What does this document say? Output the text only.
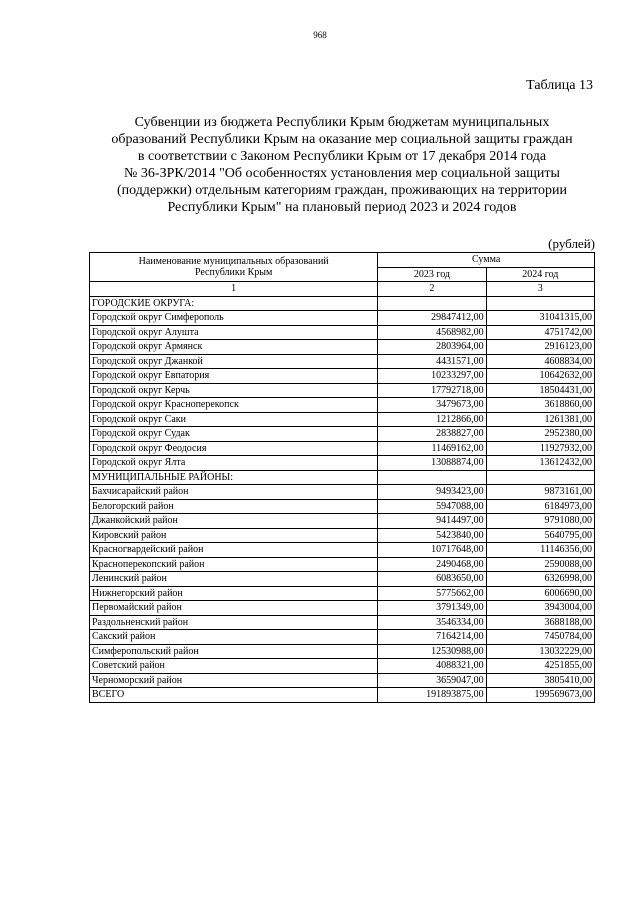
968
Таблица 13
Субвенции из бюджета Республики Крым бюджетам муниципальных
образований Республики Крым на оказание мер социальной защиты граждан
в соответствии с Законом Республики Крым от 17 декабря 2014 года
№ 36-ЗРК/2014 "Об особенностях установления мер социальной защиты
(поддержки) отдельным категориям граждан, проживающих на территории
Республики Крым" на плановый период 2023 и 2024 годов
(рублей)
Наименование муниципальных образований
Республики Крым	Сумма	
	2023 год	2024 год
1	2	3
ГОРОДСКИЕ ОКРУГА:		
Городской округ Симферополь	29847412,00	31041315,00
Городской округ Алушта	4568982,00	4751742,00
Городской округ Армянск	2803964,00	2916123,00
Городской округ Джанкой	4431571,00	4608834,00
Городской округ Евпатория	10233297,00	10642632,00
Городской округ Керчь	17792718,00	18504431,00
Городской округ Красноперекопск	3479673,00	3618860,00
Городской округ Саки	1212866,00	1261381,00
Городской округ Судак	2838827,00	2952380,00
Городской округ Феодосия	11469162,00	11927932,00
Городской округ Ялта	13088874,00	13612432,00
МУНИЦИПАЛЬНЫЕ РАЙОНЫ:		
Бахчисарайский район	9493423,00	9873161,00
Белогорский район	5947088,00	6184973,00
Джанкойский район	9414497,00	9791080,00
Кировский район	5423840,00	5640795,00
Красногвардейский район	10717648,00	11146356,00
Красноперекопский район	2490468,00	2590088,00
Ленинский район	6083650,00	6326998,00
Нижнегорский район	5775662,00	6006690,00
Первомайский район	3791349,00	3943004,00
Раздольненский район	3546334,00	3688188,00
Сакский район	7164214,00	7450784,00
Симферопольский район	12530988,00	13032229,00
Советский район	4088321,00	4251855,00
Черноморский район	3659047,00	3805410,00
ВСЕГО	191893875,00	199569673,00
